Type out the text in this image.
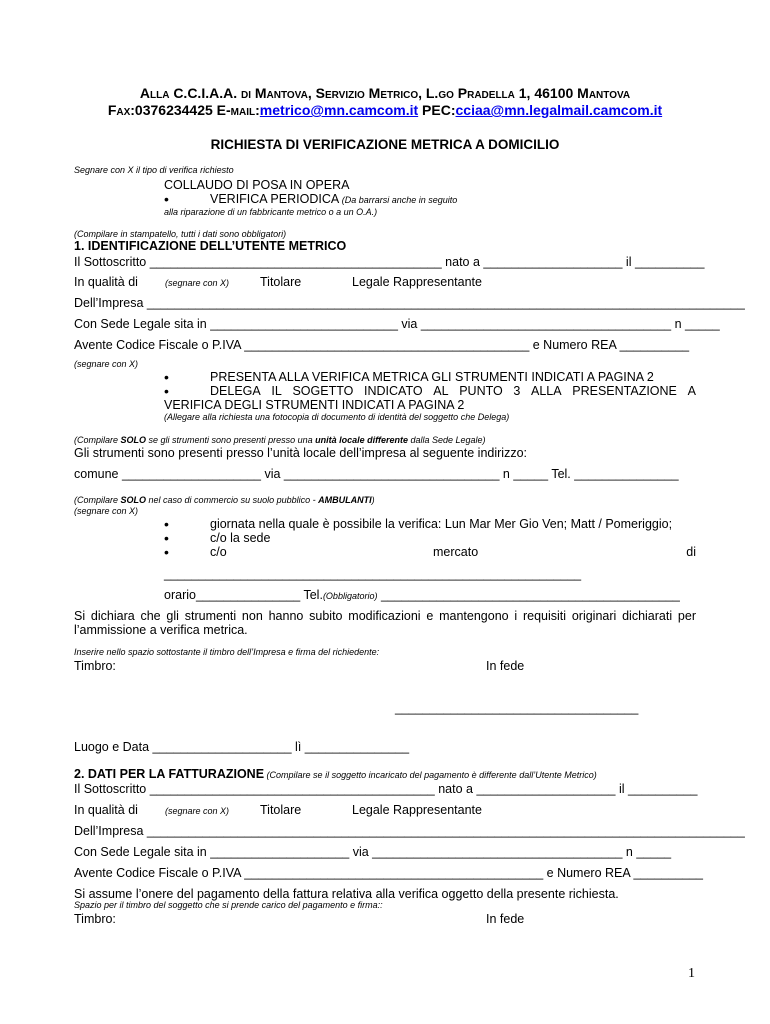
Alla C.C.I.A.A. di Mantova, Servizio Metrico, L.go Pradella 1, 46100 Mantova
Fax:0376234425 E-mail:metrico@mn.camcom.it PEC:cciaa@mn.legalmail.camcom.it
RICHIESTA DI VERIFICAZIONE METRICA A DOMICILIO
Segnare con X il tipo di verifica richiesto
COLLAUDO DI POSA IN OPERA
• VERIFICA PERIODICA (Da barrarsi anche in seguito
alla riparazione di un fabbricante metrico o a un O.A.)
(Compilare in stampatello, tutti i dati sono obbligatori)
1. IDENTIFICAZIONE DELL’UTENTE METRICO
Il Sottoscritto __________________________________________ nato a ____________________ il __________
In qualità di	(segnare con X) Titolare	Legale Rappresentante
Dell’Impresa ______________________________________________________________________________________
Con Sede Legale sita in ___________________________ via ____________________________________ n _____
Avente Codice Fiscale o P.IVA _________________________________________ e Numero REA __________
(segnare con X)
• PRESENTA ALLA VERIFICA METRICA GLI STRUMENTI INDICATI A PAGINA 2
• DELEGA IL SOGETTO INDICATO AL PUNTO 3 ALLA PRESENTAZIONE A
VERIFICA DEGLI STRUMENTI INDICATI A PAGINA 2
(Allegare alla richiesta una fotocopia di documento di identità del soggetto che Delega)
(Compilare SOLO se gli strumenti sono presenti presso una unità locale differente dalla Sede Legale)
Gli strumenti sono presenti presso l’unità locale dell’impresa al seguente indirizzo:
comune ____________________ via _______________________________ n _____ Tel. _______________
(Compilare SOLO nel caso di commercio su suolo pubblico - AMBULANTI)
(segnare con X)
• giornata nella quale è possibile la verifica: Lun Mar Mer Gio Ven; Matt / Pomeriggio;
• c/o la sede
c/o	mercato	di
____________________________________________________________
orario_______________ Tel.(Obbligatorio) ___________________________________________
Si dichiara che gli strumenti non hanno subito modificazioni e mantengono i requisiti originari dichiarati per
l’ammissione a verifica metrica.
Inserire nello spazio sottostante il timbro dell’Impresa e firma del richiedente:
Timbro:	In fede
___________________________________
Luogo e Data ____________________ lì _______________
2. DATI PER LA FATTURAZIONE (Compilare se il soggetto incaricato del pagamento è differente dall’Utente Metrico)
Il Sottoscritto _________________________________________ nato a ____________________ il __________
In qualità di	(segnare con X) Titolare	Legale Rappresentante
Dell’Impresa ______________________________________________________________________________________
Con Sede Legale sita in ____________________ via ____________________________________ n _____
Avente Codice Fiscale o P.IVA ___________________________________________ e Numero REA __________
Si assume l’onere del pagamento della fattura relativa alla verifica oggetto della presente richiesta.
Spazio per il timbro del soggetto che si prende carico del pagamento e firma::
Timbro:	In fede
1
